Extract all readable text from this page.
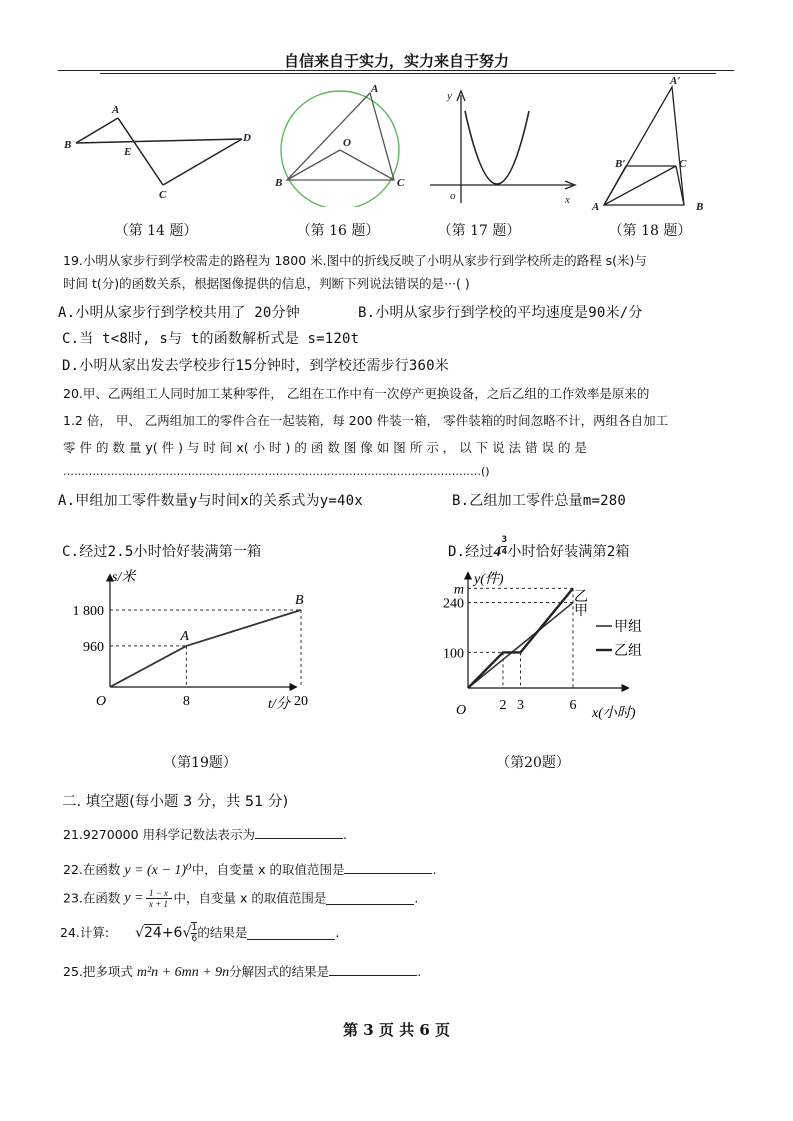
自信来自于实力，实力来自于努力
A
B
C
D
E
（第 14 题）
A
B	C
O
（第 16 题）
y
x
o
（第 17 题）
A′
B′	C
A	B
（第 18 题）
19.小明从家步行到学校需走的路程为 1800 米.图中的折线反映了小明从家步行到学校所走的路程 s(米)与
时间 t(分)的函数关系，根据图像提供的信息，判断下列说法错误的是···( )
A.小明从家步行到学校共用了 20分钟	B.小明从家步行到学校的平均速度是90米/分
C.当 t<8时, s与 t的函数解析式是 s=120t
D.小明从家出发去学校步行15分钟时，到学校还需步行360米
20.甲、乙两组工人同时加工某种零件， 乙组在工作中有一次停产更换设备，之后乙组的工作效率是原来的
1.2 倍， 甲、 乙两组加工的零件合在一起装箱，每 200 件装一箱， 零件装箱的时间忽略不计，两组各自加工
零 件 的 数 量 y( 件 ) 与 时 间 x( 小 时 ) 的 函 数 图 像 如 图 所 示 ， 以 下 说 法 错 误 的 是
……………………………………………………………………………………………………()
A.甲组加工零件数量y与时间x的关系式为y=40x	B.乙组加工零件总量m=280
C.经过2.5小时恰好装满第一箱	D.经过$4 \frac{3}{4}$ 小时恰好装满第2箱
s/米
t/分
O
1 800
960
8	20
A
B
（第19题）
y(件)
x(小时)
O
m
240
100
2 3	6
乙
甲
甲组
乙组
（第20题）
二. 填空题(每小题 3 分，共 51 分)
21.9270000 用科学记数法表示为	.
22.在函数 y = (x − 1)⁰中，自变量 x 的取值范围是	.
23.在函数 $y = \frac{1 - x}{x + 1}$ 中，自变量 x 的取值范围是	.
24.计算: $√24+6√ \frac{1}{6}$ 的结果是	.
25.把多项式 m²n + 6mn + 9n分解因式的结果是	.
第 3 页 共 6 页
